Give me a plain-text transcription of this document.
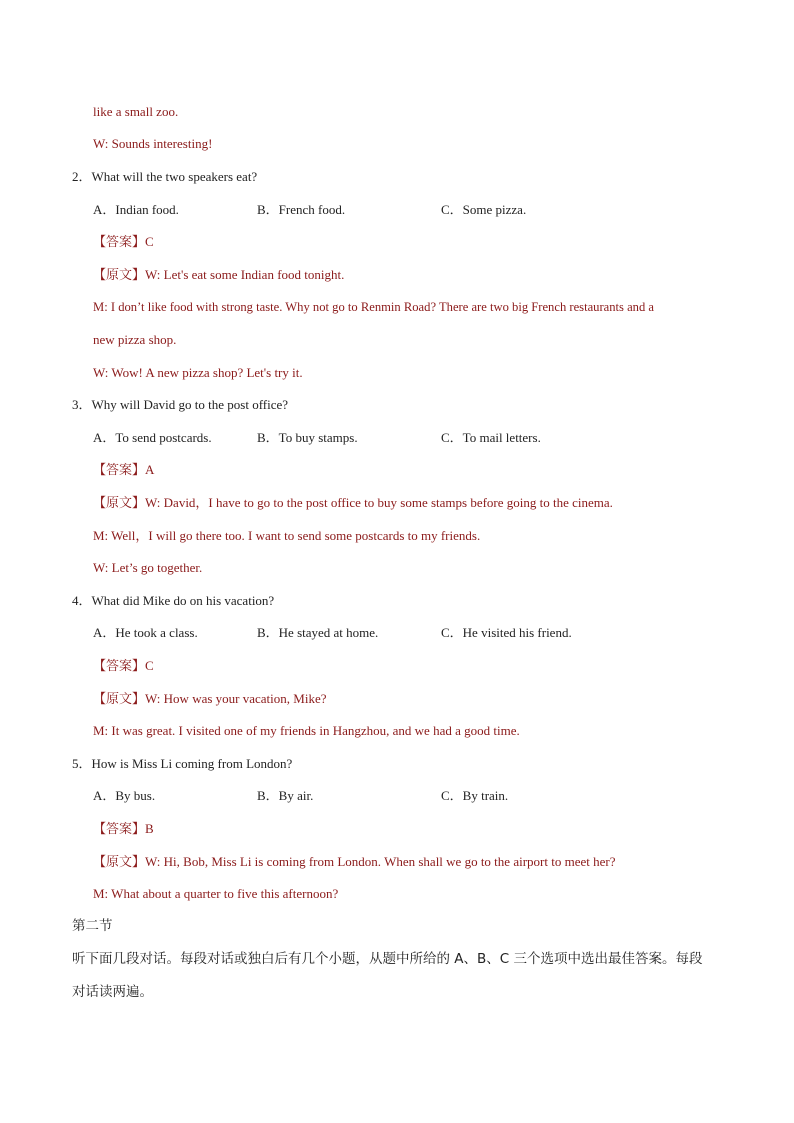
like a small zoo.
W: Sounds interesting!
2．What will the two speakers eat?
A．Indian food.	B．French food.	C．Some pizza.
【答案】C
【原文】W: Let's eat some Indian food tonight.
M: I don’t like food with strong taste. Why not go to Renmin Road? There are two big French restaurants and a
new pizza shop.
W: Wow! A new pizza shop? Let's try it.
3．Why will David go to the post office?
A．To send postcards.	B．To buy stamps.	C．To mail letters.
【答案】A
【原文】W: David，I have to go to the post office to buy some stamps before going to the cinema.
M: Well，I will go there too. I want to send some postcards to my friends.
W: Let’s go together.
4．What did Mike do on his vacation?
A．He took a class.	B．He stayed at home.	C．He visited his friend.
【答案】C
【原文】W: How was your vacation, Mike?
M: It was great. I visited one of my friends in Hangzhou, and we had a good time.
5．How is Miss Li coming from London?
A．By bus.	B．By air.	C．By train.
【答案】B
【原文】W: Hi, Bob, Miss Li is coming from London. When shall we go to the airport to meet her?
M: What about a quarter to five this afternoon?
第二节
听下面几段对话。每段对话或独白后有几个小题，从题中所给的 A、B、C 三个选项中选出最佳答案。每段
对话读两遍。
